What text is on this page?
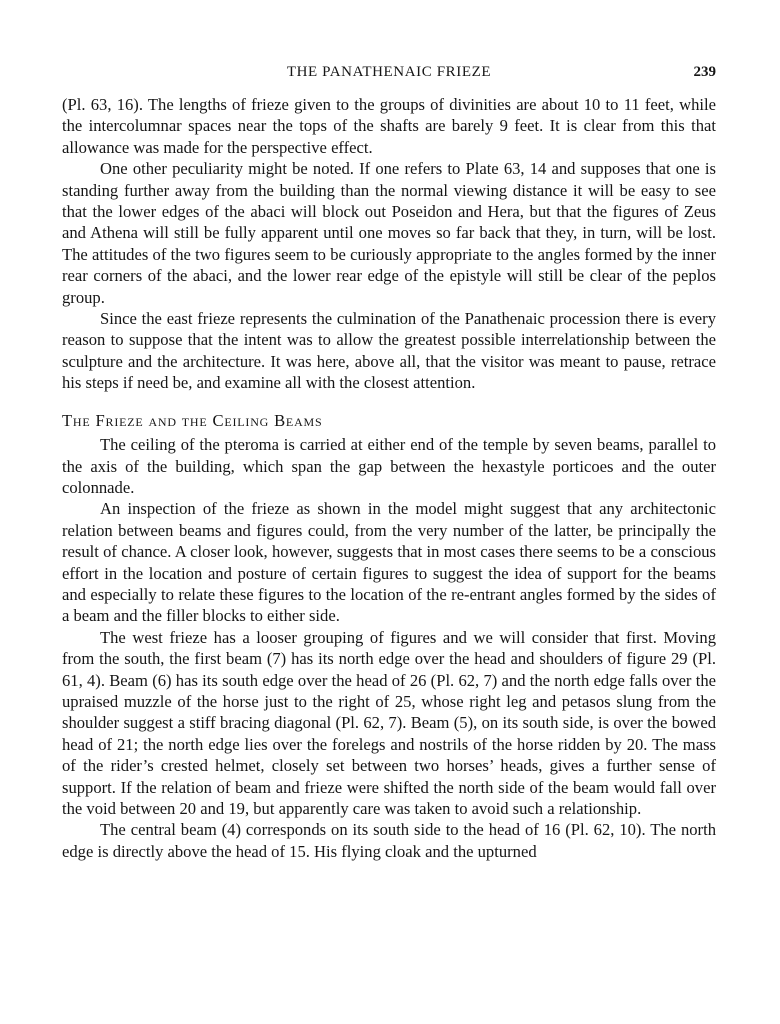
THE PANATHENAIC FRIEZE	239

(Pl. 63, 16). The lengths of frieze given to the groups of divinities are about 10 to 11 feet, while the intercolumnar spaces near the tops of the shafts are barely 9 feet. It is clear from this that allowance was made for the perspective effect.

One other peculiarity might be noted. If one refers to Plate 63, 14 and supposes that one is standing further away from the building than the normal viewing distance it will be easy to see that the lower edges of the abaci will block out Poseidon and Hera, but that the figures of Zeus and Athena will still be fully apparent until one moves so far back that they, in turn, will be lost. The attitudes of the two figures seem to be curiously appropriate to the angles formed by the inner rear corners of the abaci, and the lower rear edge of the epistyle will still be clear of the peplos group.

Since the east frieze represents the culmination of the Panathenaic procession there is every reason to suppose that the intent was to allow the greatest possible interrelationship between the sculpture and the architecture. It was here, above all, that the visitor was meant to pause, retrace his steps if need be, and examine all with the closest attention.

The Frieze and the Ceiling Beams

The ceiling of the pteroma is carried at either end of the temple by seven beams, parallel to the axis of the building, which span the gap between the hexastyle porticoes and the outer colonnade.

An inspection of the frieze as shown in the model might suggest that any architectonic relation between beams and figures could, from the very number of the latter, be principally the result of chance. A closer look, however, suggests that in most cases there seems to be a conscious effort in the location and posture of certain figures to suggest the idea of support for the beams and especially to relate these figures to the location of the re-entrant angles formed by the sides of a beam and the filler blocks to either side.

The west frieze has a looser grouping of figures and we will consider that first. Moving from the south, the first beam (7) has its north edge over the head and shoulders of figure 29 (Pl. 61, 4). Beam (6) has its south edge over the head of 26 (Pl. 62, 7) and the north edge falls over the upraised muzzle of the horse just to the right of 25, whose right leg and petasos slung from the shoulder suggest a stiff bracing diagonal (Pl. 62, 7). Beam (5), on its south side, is over the bowed head of 21; the north edge lies over the forelegs and nostrils of the horse ridden by 20. The mass of the rider’s crested helmet, closely set between two horses’ heads, gives a further sense of support. If the relation of beam and frieze were shifted the north side of the beam would fall over the void between 20 and 19, but apparently care was taken to avoid such a relationship.

The central beam (4) corresponds on its south side to the head of 16 (Pl. 62, 10). The north edge is directly above the head of 15. His flying cloak and the upturned
